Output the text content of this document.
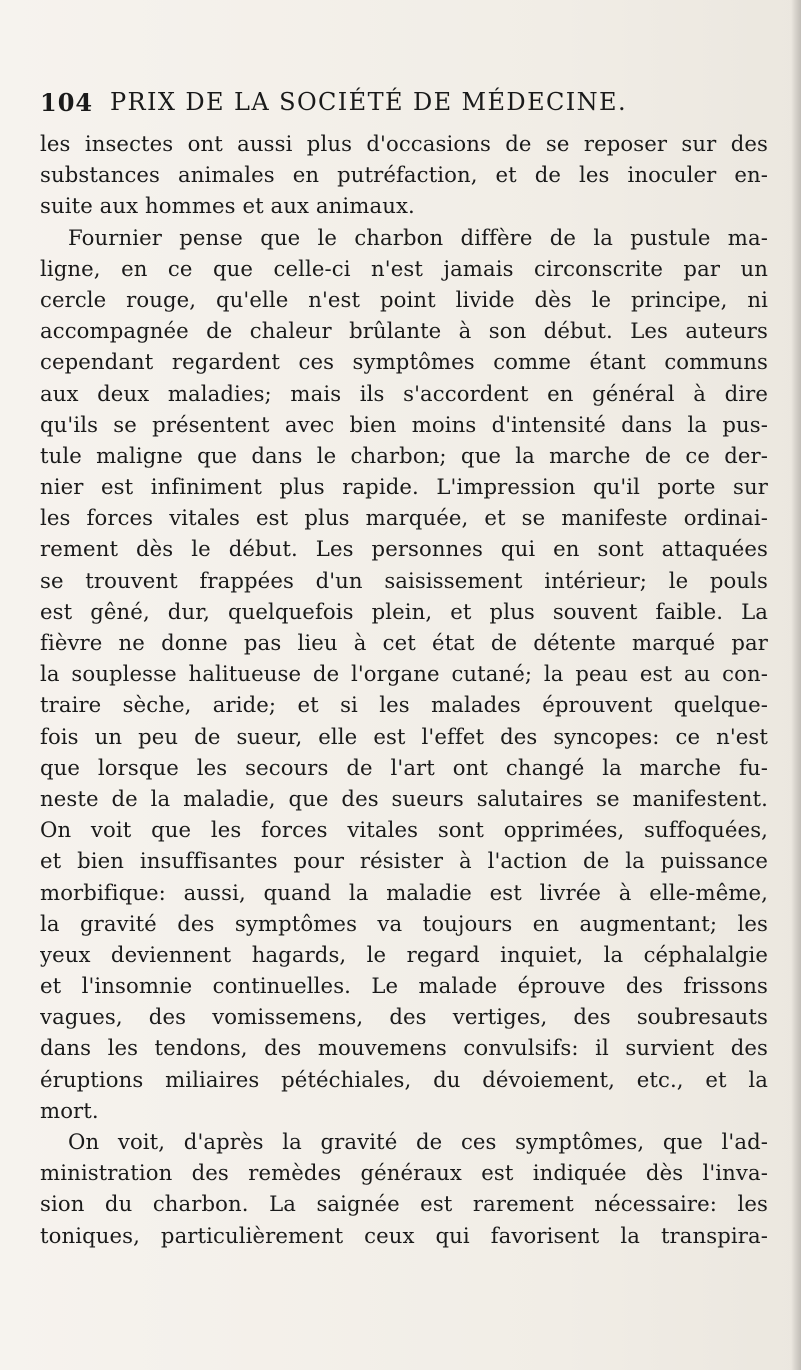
104 PRIX DE LA SOCIÉTÉ DE MÉDECINE.
les insectes ont aussi plus d'occasions de se reposer sur des
substances animales en putréfaction, et de les inoculer en-
suite aux hommes et aux animaux.
Fournier pense que le charbon diffère de la pustule ma-
ligne, en ce que celle-ci n'est jamais circonscrite par un
cercle rouge, qu'elle n'est point livide dès le principe, ni
accompagnée de chaleur brûlante à son début. Les auteurs
cependant regardent ces symptômes comme étant communs
aux deux maladies; mais ils s'accordent en général à dire
qu'ils se présentent avec bien moins d'intensité dans la pus-
tule maligne que dans le charbon; que la marche de ce der-
nier est infiniment plus rapide. L'impression qu'il porte sur
les forces vitales est plus marquée, et se manifeste ordinai-
rement dès le début. Les personnes qui en sont attaquées
se trouvent frappées d'un saisissement intérieur; le pouls
est gêné, dur, quelquefois plein, et plus souvent faible. La
fièvre ne donne pas lieu à cet état de détente marqué par
la souplesse halitueuse de l'organe cutané; la peau est au con-
traire sèche, aride; et si les malades éprouvent quelque-
fois un peu de sueur, elle est l'effet des syncopes: ce n'est
que lorsque les secours de l'art ont changé la marche fu-
neste de la maladie, que des sueurs salutaires se manifestent.
On voit que les forces vitales sont opprimées, suffoquées,
et bien insuffisantes pour résister à l'action de la puissance
morbifique: aussi, quand la maladie est livrée à elle-même,
la gravité des symptômes va toujours en augmentant; les
yeux deviennent hagards, le regard inquiet, la céphalalgie
et l'insomnie continuelles. Le malade éprouve des frissons
vagues, des vomissemens, des vertiges, des soubresauts
dans les tendons, des mouvemens convulsifs: il survient des
éruptions miliaires pétéchiales, du dévoiement, etc., et la
mort.
On voit, d'après la gravité de ces symptômes, que l'ad-
ministration des remèdes généraux est indiquée dès l'inva-
sion du charbon. La saignée est rarement nécessaire: les
toniques, particulièrement ceux qui favorisent la transpira-
